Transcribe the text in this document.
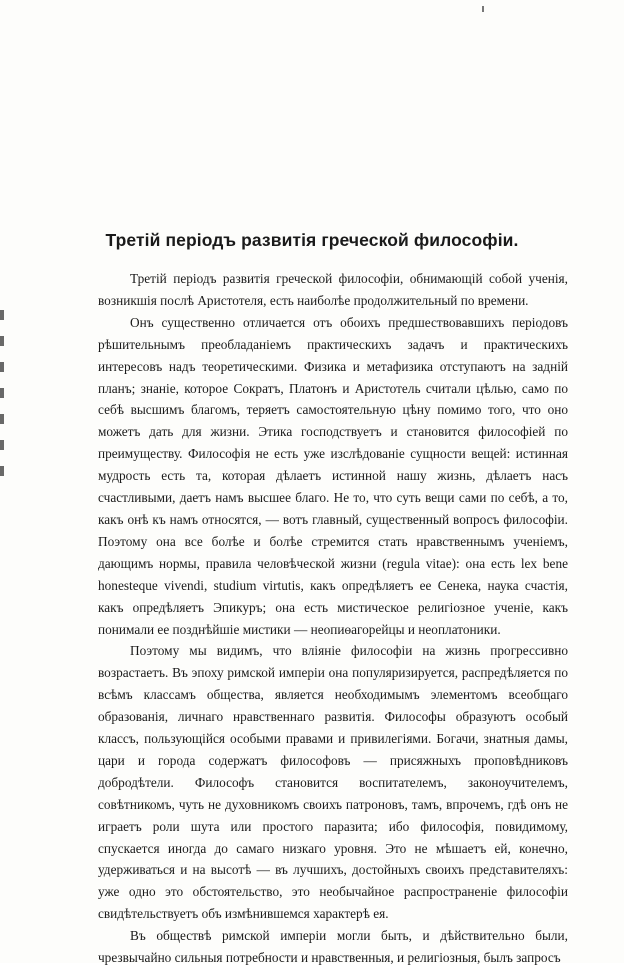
Третій періодъ развитія греческой философіи.

Третій періодъ развитія греческой философіи, обнимающій собой ученія, возникшія послѣ Аристотеля, есть наиболѣе продолжительный по времени.

Онъ существенно отличается отъ обоихъ предшествовавшихъ періодовъ рѣшительнымъ преобладаніемъ практическихъ задачъ и практическихъ интересовъ надъ теоретическими. Физика и метафизика отступаютъ на задній планъ; знаніе, которое Сократъ, Платонъ и Аристотель считали цѣлью, само по себѣ высшимъ благомъ, теряетъ самостоятельную цѣну помимо того, что оно можетъ дать для жизни. Этика господствуетъ и становится философіей по преимуществу. Философія не есть уже изслѣдованіе сущности вещей: истинная мудрость есть та, которая дѣлаетъ истинной нашу жизнь, дѣлаетъ насъ счастливыми, даетъ намъ высшее благо. Не то, что суть вещи сами по себѣ, а то, какъ онѣ къ намъ относятся, — вотъ главный, существенный вопросъ философіи. Поэтому она все болѣе и болѣе стремится стать нравственнымъ ученіемъ, дающимъ нормы, правила человѣческой жизни (regula vitae): она есть lex bene honesteque vivendi, studium virtutis, какъ опредѣляетъ ее Сенека, наука счастія, какъ опредѣляетъ Эпикуръ; она есть мистическое религіозное ученіе, какъ понимали ее позднѣйшіе мистики — неопиѳагорейцы и неоплатоники.

Поэтому мы видимъ, что вліяніе философіи на жизнь прогрессивно возрастаетъ. Въ эпоху римской имперіи она популяризируется, распредѣляется по всѣмъ классамъ общества, является необходимымъ элементомъ всеобщаго образованія, личнаго нравственнаго развитія. Философы образуютъ особый классъ, пользующійся особыми правами и привилегіями. Богачи, знатныя дамы, цари и города содержатъ философовъ — присяжныхъ проповѣдниковъ добродѣтели. Философъ становится воспитателемъ, законоучителемъ, совѣтникомъ, чуть не духовникомъ своихъ патроновъ, тамъ, впрочемъ, гдѣ онъ не играетъ роли шута или простого паразита; ибо философія, повидимому, спускается иногда до самаго низкаго уровня. Это не мѣшаетъ ей, конечно, удерживаться и на высотѣ — въ лучшихъ, достойныхъ своихъ представителяхъ: уже одно это обстоятельство, это необычайное распространеніе философіи свидѣтельствуетъ объ измѣнившемся характерѣ ея.

Въ обществѣ римской имперіи могли быть, и дѣйствительно были, чрезвычайно сильныя потребности и нравственныя, и религіозныя, былъ запросъ
